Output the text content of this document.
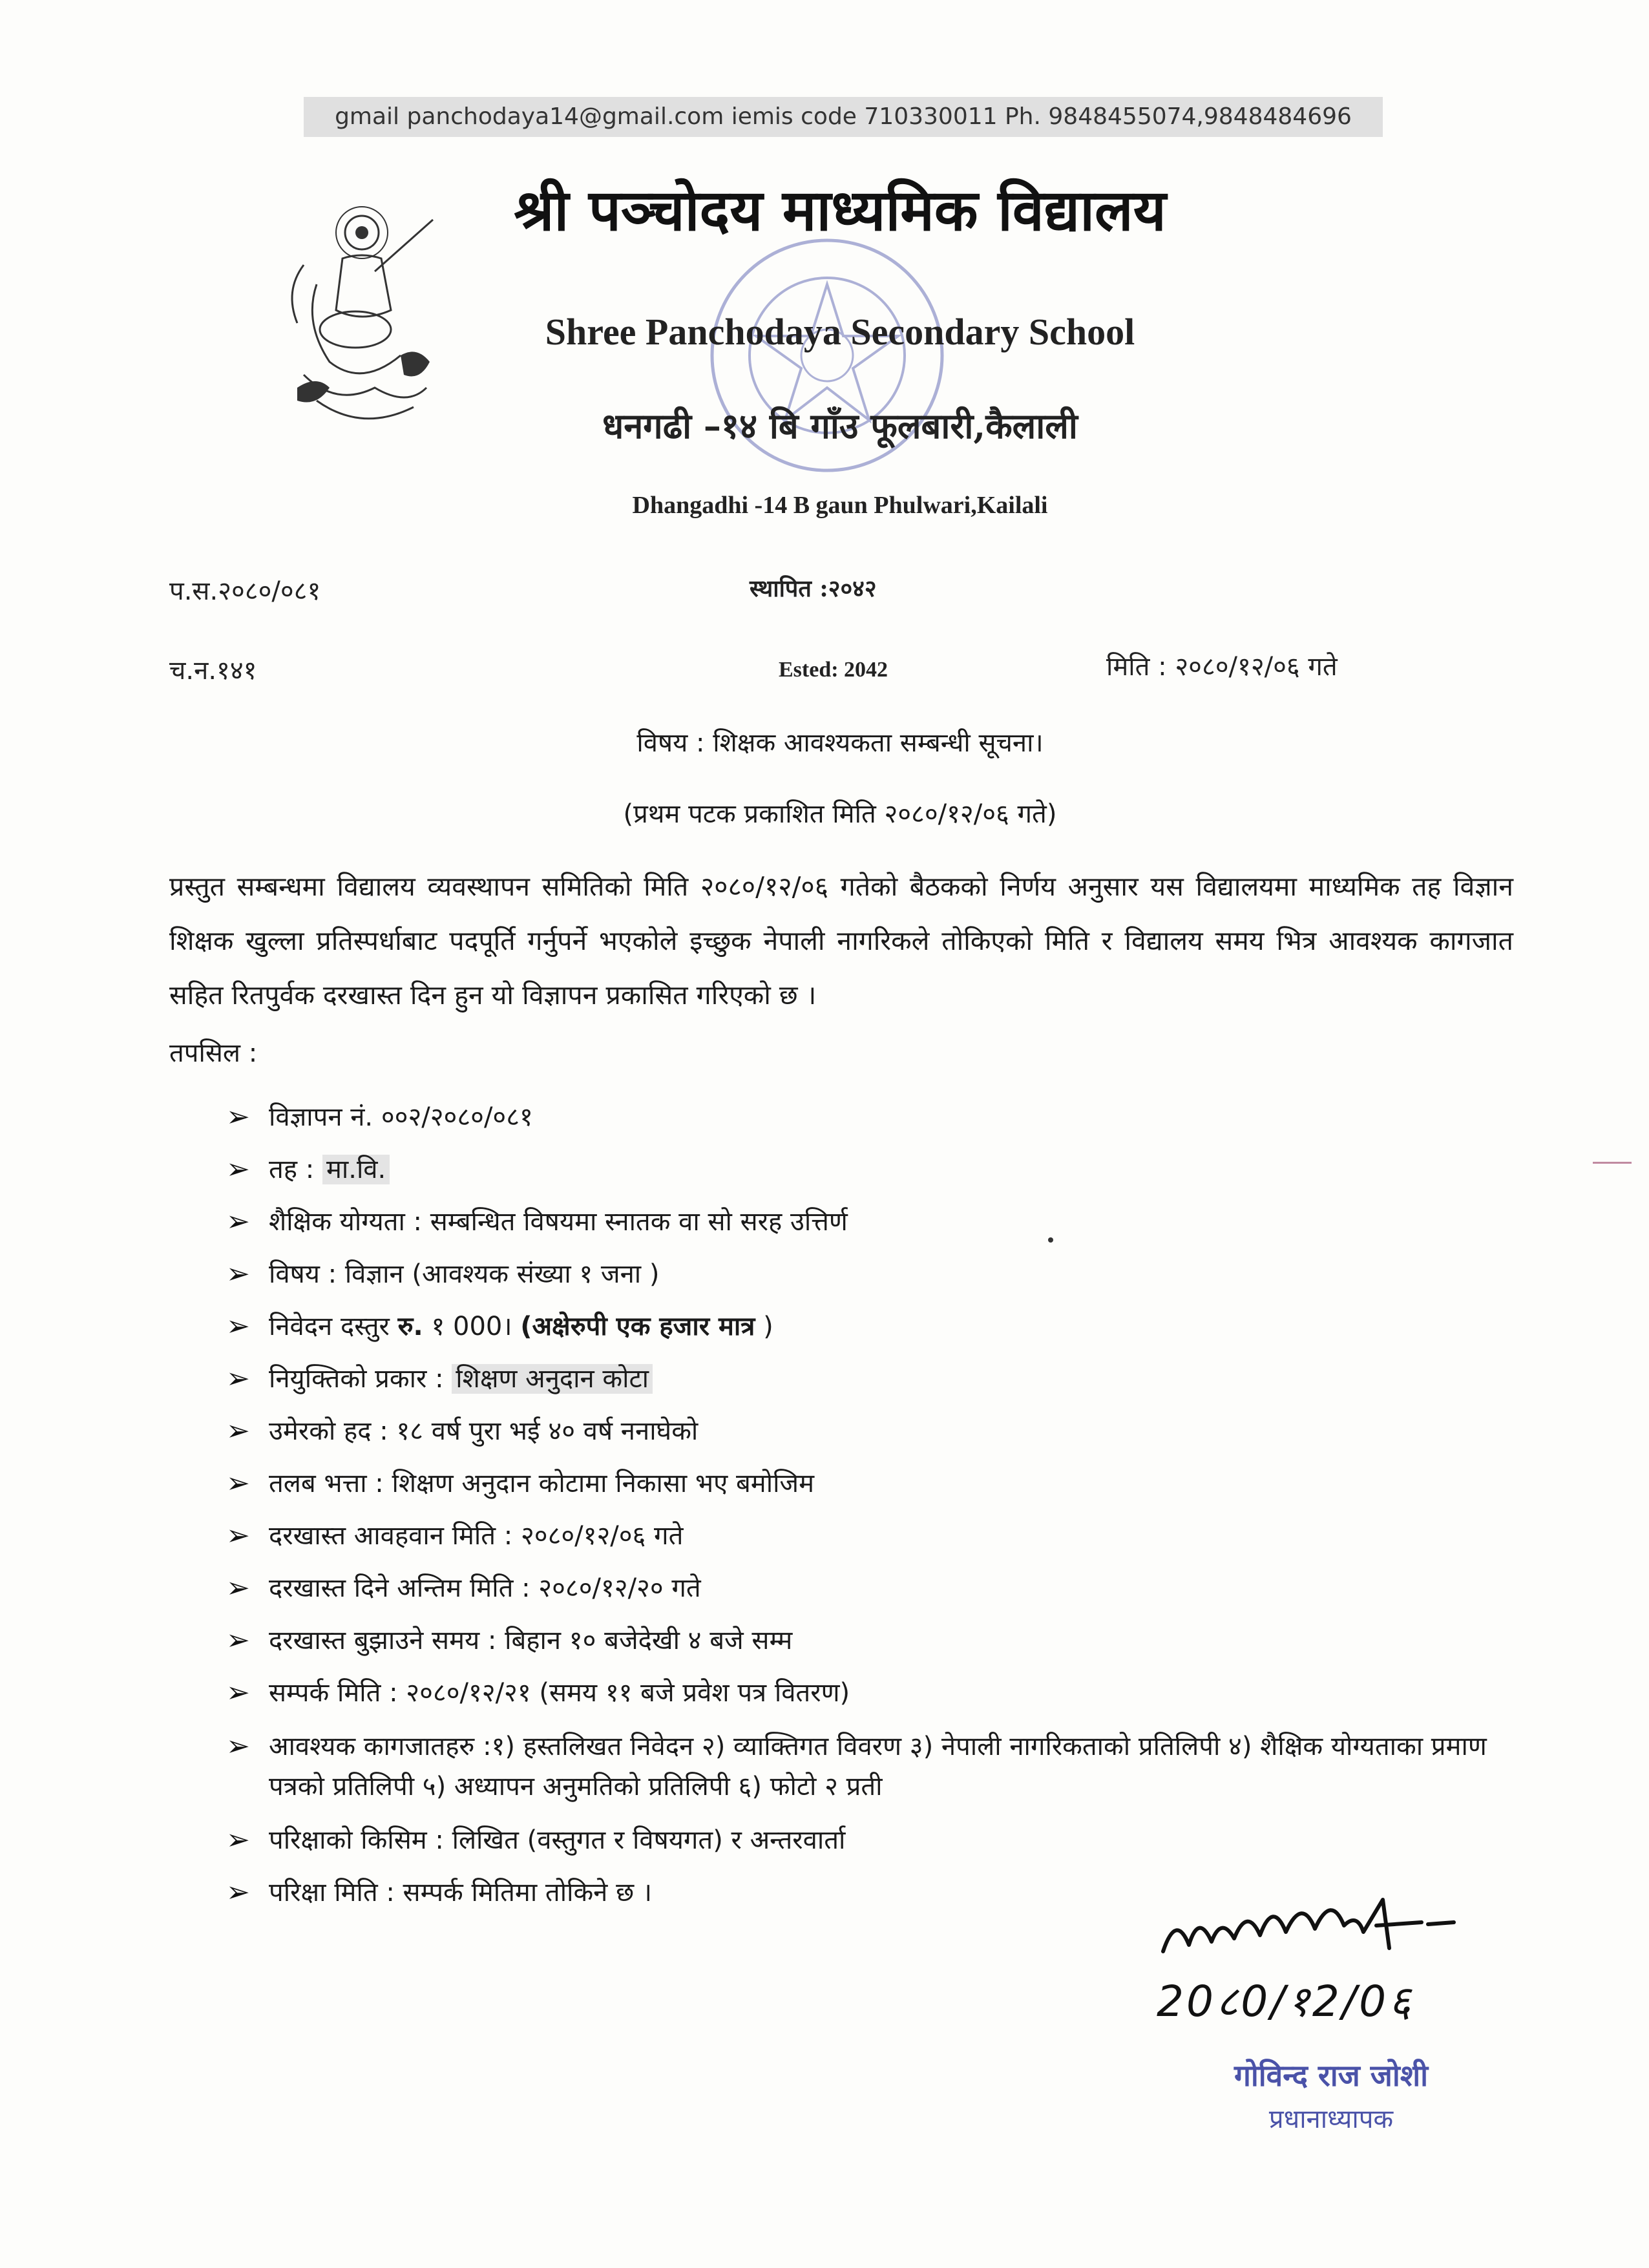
gmail panchodaya14@gmail.com iemis code 710330011 Ph. 9848455074,9848484696
श्री पञ्चोदय माध्यमिक विद्यालय
Shree Panchodaya Secondary School
धनगढी –१४ बि गाँउ फूलबारी,कैलाली
Dhangadhi -14 B gaun Phulwari,Kailali
प.स.२०८०/०८१	स्थापित :२०४२
च.न.१४१	Ested: 2042	मिति : २०८०/१२/०६ गते
विषय : शिक्षक आवश्यकता सम्बन्धी सूचना।
(प्रथम पटक प्रकाशित मिति २०८०/१२/०६ गते)
प्रस्तुत सम्बन्धमा विद्यालय व्यवस्थापन समितिको मिति २०८०/१२/०६ गतेको बैठकको निर्णय अनुसार यस विद्यालयमा माध्यमिक तह विज्ञान शिक्षक खुल्ला प्रतिस्पर्धाबाट पदपूर्ति गर्नुपर्ने भएकोले इच्छुक नेपाली नागरिकले तोकिएको मिति र विद्यालय समय भित्र आवश्यक कागजात सहित रितपुर्वक दरखास्त दिन हुन यो विज्ञापन प्रकासित गरिएको छ ।
तपसिल :
➢ विज्ञापन नं. ००२/२०८०/०८१
➢ तह : मा.वि.
➢ शैक्षिक योग्यता : सम्बन्धित विषयमा स्नातक वा सो सरह उत्तिर्ण
➢ विषय : विज्ञान (आवश्यक संख्या १ जना )
➢ निवेदन दस्तुर रु. १ 000। (अक्षेरुपी एक हजार मात्र )
➢ नियुक्तिको प्रकार : शिक्षण अनुदान कोटा
➢ उमेरको हद : १८ वर्ष पुरा भई ४० वर्ष ननाघेको
➢ तलब भत्ता : शिक्षण अनुदान कोटामा निकासा भए बमोजिम
➢ दरखास्त आवहवान मिति : २०८०/१२/०६ गते
➢ दरखास्त दिने अन्तिम मिति : २०८०/१२/२० गते
➢ दरखास्त बुझाउने समय : बिहान १० बजेदेखी ४ बजे सम्म
➢ सम्पर्क मिति : २०८०/१२/२१ (समय ११ बजे प्रवेश पत्र वितरण)
➢ आवश्यक कागजातहरु :१) हस्तलिखत निवेदन २) व्याक्तिगत विवरण ३) नेपाली नागरिकताको प्रतिलिपी ४) शैक्षिक योग्यताका प्रमाण पत्रको प्रतिलिपी ५) अध्यापन अनुमतिको प्रतिलिपी ६) फोटो २ प्रती
➢ परिक्षाको किसिम : लिखित (वस्तुगत र विषयगत) र अन्तरवार्ता
➢ परिक्षा मिति : सम्पर्क मितिमा तोकिने छ ।
20८0/१2/0६
गोविन्द राज जोशी
प्रधानाध्यापक
